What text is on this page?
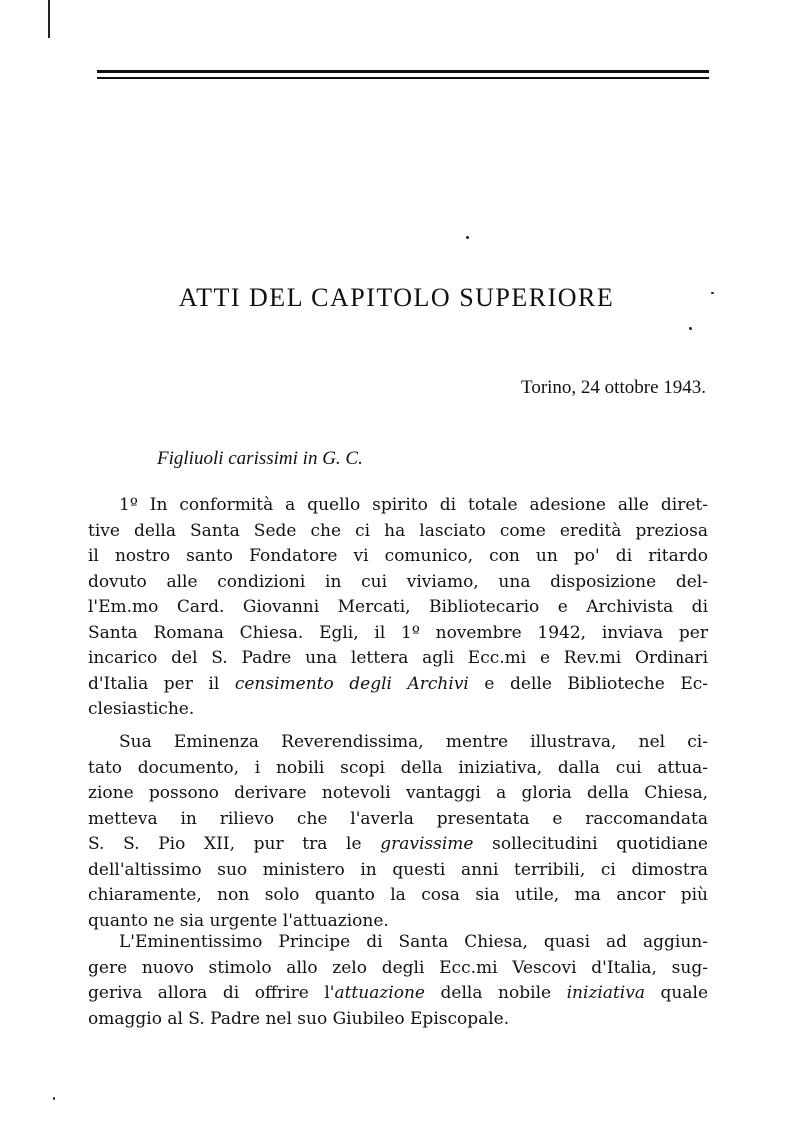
ATTI DEL CAPITOLO SUPERIORE

Torino, 24 ottobre 1943.

Figliuoli carissimi in G. C.

1º In conformità a quello spirito di totale adesione alle diret-
tive della Santa Sede che ci ha lasciato come eredità preziosa
il nostro santo Fondatore vi comunico, con un po' di ritardo
dovuto alle condizioni in cui viviamo, una disposizione del-
l'Em.mo Card. Giovanni Mercati, Bibliotecario e Archivista di
Santa Romana Chiesa. Egli, il 1º novembre 1942, inviava per
incarico del S. Padre una lettera agli Ecc.mi e Rev.mi Ordinari
d'Italia per il censimento degli Archivi e delle Biblioteche Ec-
clesiastiche.
Sua Eminenza Reverendissima, mentre illustrava, nel ci-
tato documento, i nobili scopi della iniziativa, dalla cui attua-
zione possono derivare notevoli vantaggi a gloria della Chiesa,
metteva in rilievo che l'averla presentata e raccomandata
S. S. Pio XII, pur tra le gravissime sollecitudini quotidiane
dell'altissimo suo ministero in questi anni terribili, ci dimostra
chiaramente, non solo quanto la cosa sia utile, ma ancor più
quanto ne sia urgente l'attuazione.
L'Eminentissimo Principe di Santa Chiesa, quasi ad aggiun-
gere nuovo stimolo allo zelo degli Ecc.mi Vescovi d'Italia, sug-
geriva allora di offrire l'attuazione della nobile iniziativa quale
omaggio al S. Padre nel suo Giubileo Episcopale.
